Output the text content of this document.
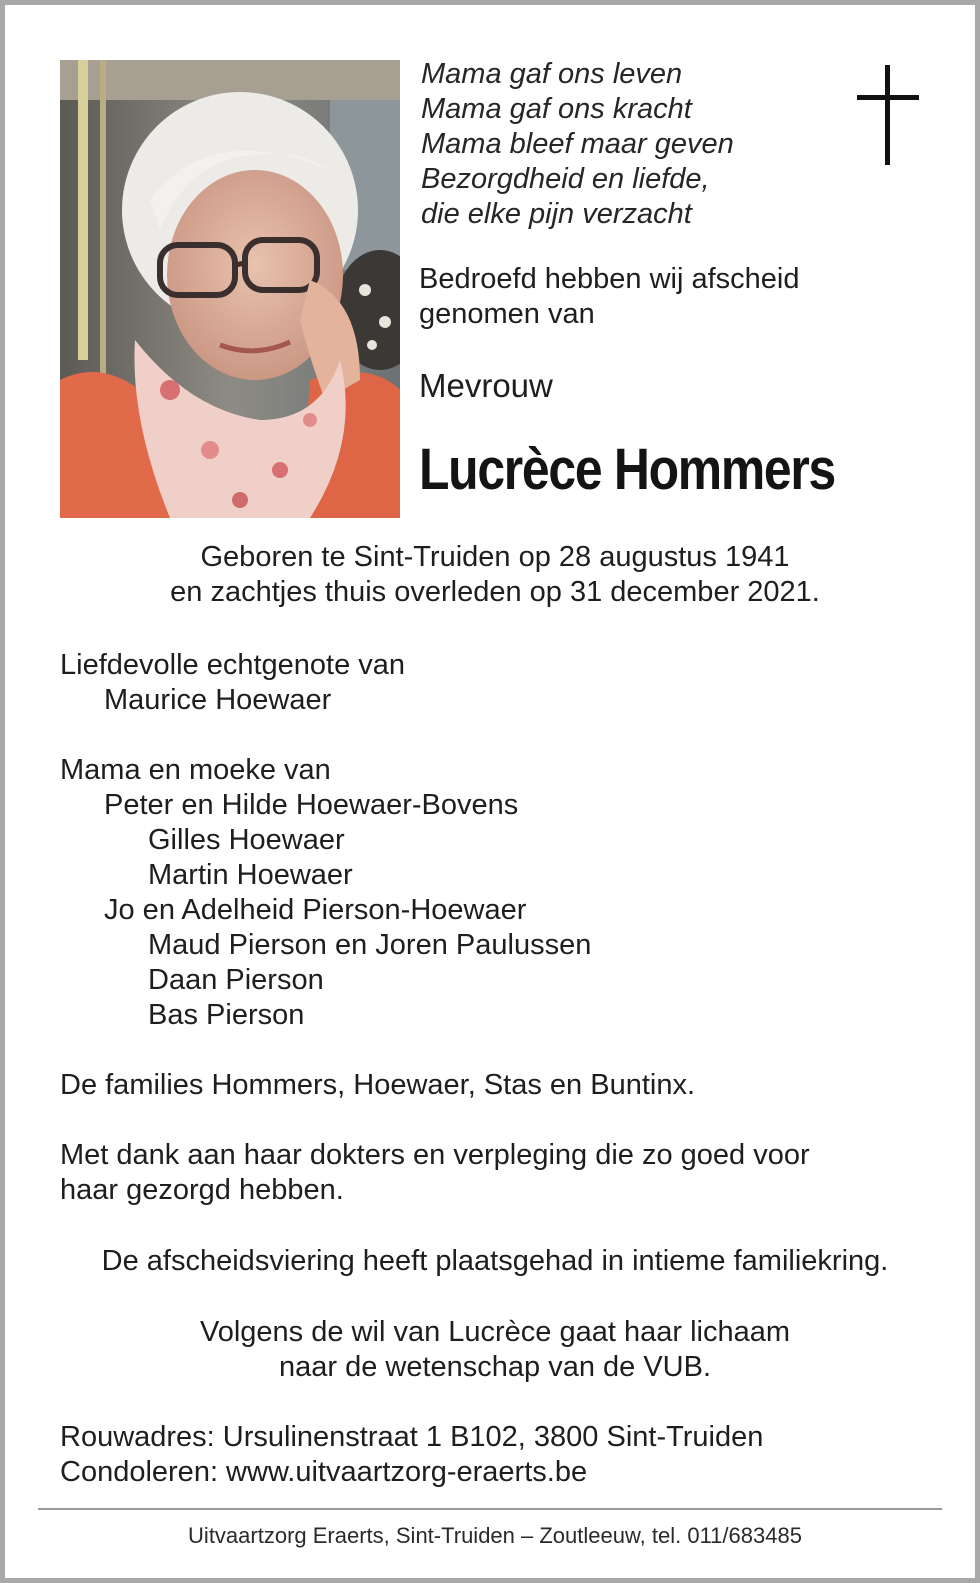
Mama gaf ons leven
Mama gaf ons kracht
Mama bleef maar geven
Bezorgdheid en liefde,
die elke pijn verzacht
Bedroefd hebben wij afscheid
genomen van
Mevrouw
Lucrèce Hommers
Geboren te Sint-Truiden op 28 augustus 1941
en zachtjes thuis overleden op 31 december 2021.
Liefdevolle echtgenote van
Maurice Hoewaer
Mama en moeke van
Peter en Hilde Hoewaer-Bovens
Gilles Hoewaer
Martin Hoewaer
Jo en Adelheid Pierson-Hoewaer
Maud Pierson en Joren Paulussen
Daan Pierson
Bas Pierson
De families Hommers, Hoewaer, Stas en Buntinx.
Met dank aan haar dokters en verpleging die zo goed voor
haar gezorgd hebben.
De afscheidsviering heeft plaatsgehad in intieme familiekring.
Volgens de wil van Lucrèce gaat haar lichaam
naar de wetenschap van de VUB.
Rouwadres: Ursulinenstraat 1 B102, 3800 Sint-Truiden
Condoleren: www.uitvaartzorg-eraerts.be
Uitvaartzorg Eraerts, Sint-Truiden – Zoutleeuw, tel. 011/683485
